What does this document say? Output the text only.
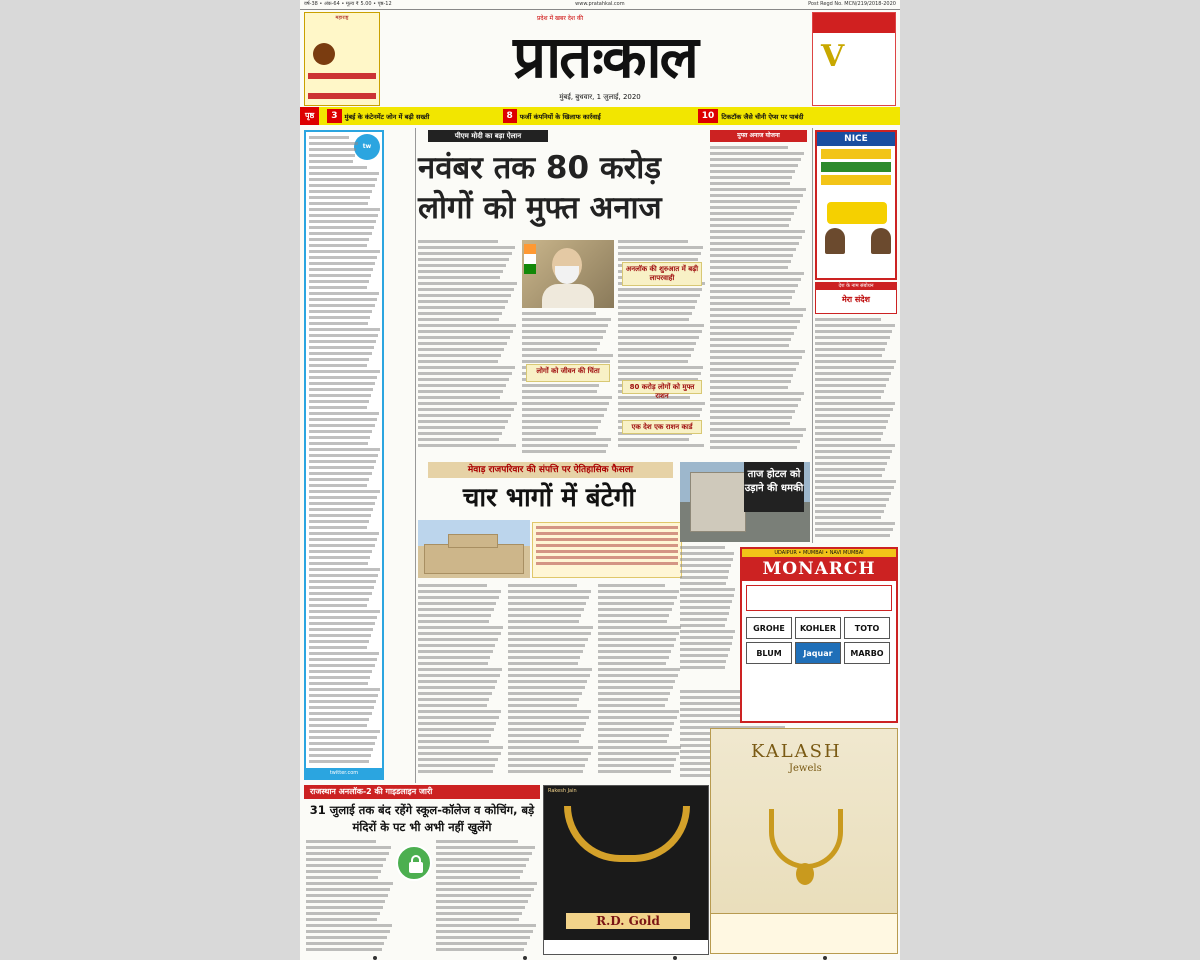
वर्ष-38 • अंक-64 • मूल्य ₹ 5.00 • पृष्ठ-12	www.pratahkal.com	Post Regd No. MCN/219/2018-2020
महाराष्ट्र	प्रदेश में खबर देश की
प्रातःकाल
मुंबई, बुधवार, 1 जुलाई, 2020
V
पृष्ठ	3	मुंबई के कंटेनमेंट जोन में बढ़ी सख्ती	8	फर्जी कंपनियों के खिलाफ कार्रवाई	10	टिकटॉक जैसे चीनी ऐप्स पर पाबंदी
tw
twitter.com
पीएम मोदी का बड़ा ऐलान
नवंबर तक 80 करोड़ लोगों को मुफ्त अनाज
मुफ्त अनाज योजना
लोगों को जीवन की चिंता
अनलॉक की शुरुआत में बढ़ी लापरवाही
80 करोड़ लोगों को मुफ्त राशन
एक देश एक राशन कार्ड
NICE
मेरा संदेश
देश के नाम संबोधन
मेवाड़ राजपरिवार की संपत्ति पर ऐतिहासिक फैसला
चार भागों में बंटेगी
ताज होटल को उड़ाने की धमकी
UDAIPUR • MUMBAI • NAVI MUMBAI
MONARCH
GROHE	KOHLER	TOTO
BLUM	Jaquar	MARBO
KALASH
Jewels
राजस्थान अनलॉक-2 की गाइडलाइन जारी
31 जुलाई तक बंद रहेंगे स्कूल-कॉलेज व कोचिंग, बड़े मंदिरों के पट भी अभी नहीं खुलेंगे
Rakesh Jain
R.D. Gold
